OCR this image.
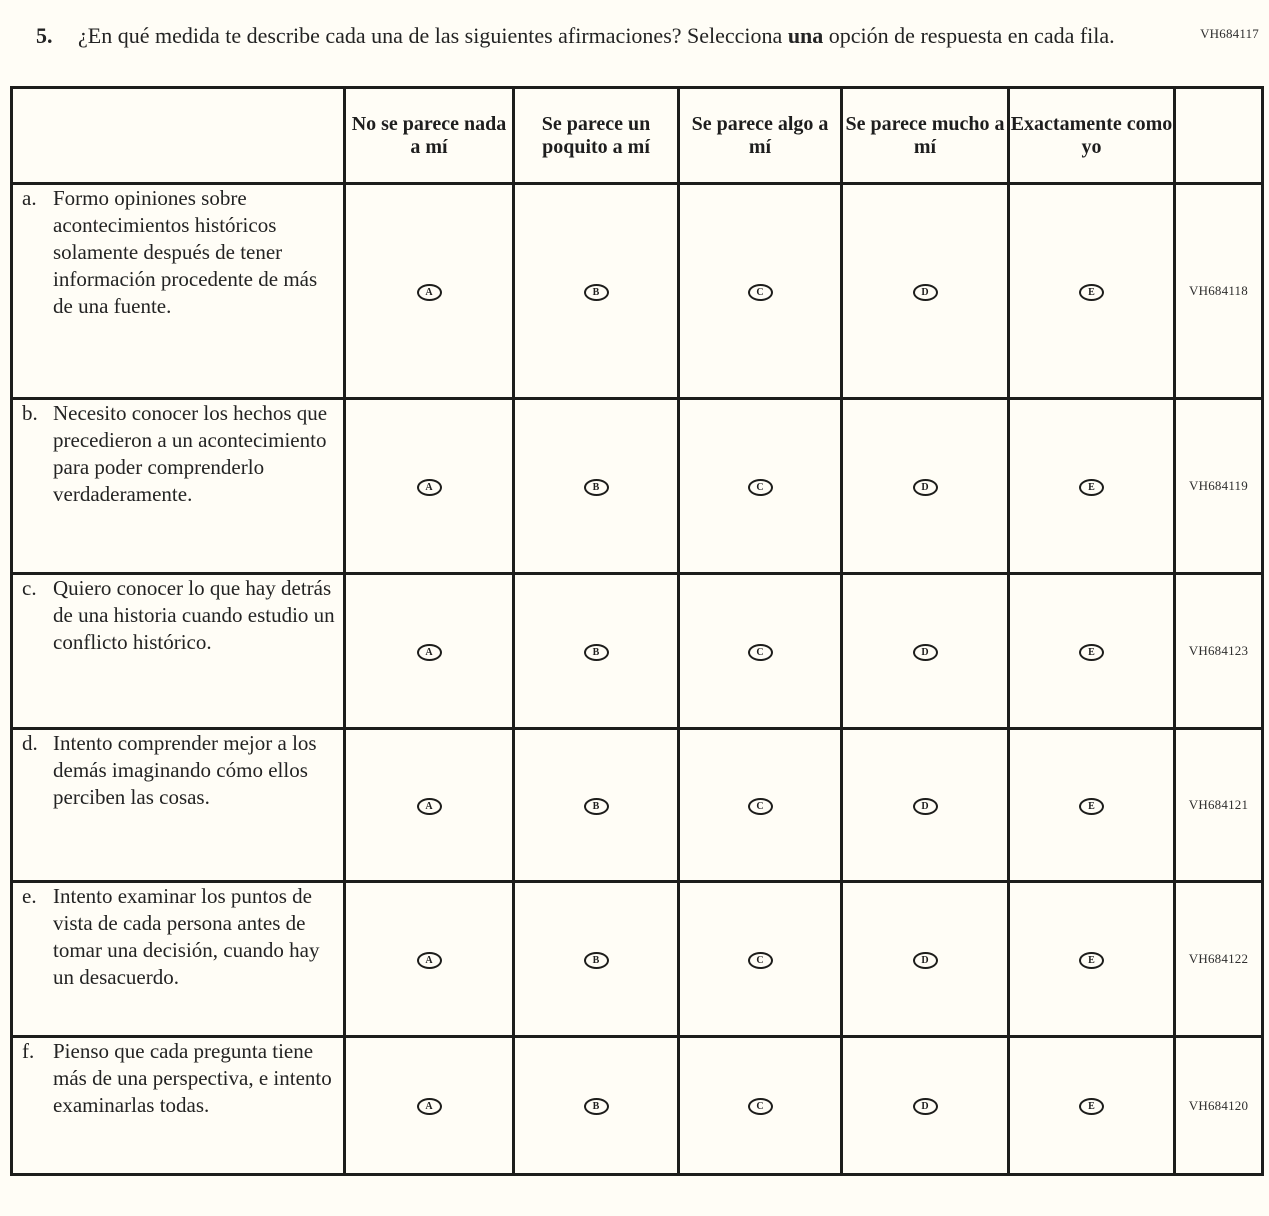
VH684117
5.	¿En qué medida te describe cada una de las siguientes afirmaciones? Selecciona una opción de respuesta en cada fila.
	No se parece nada a mí	Se parece un poquito a mí	Se parece algo a mí	Se parece mucho a mí	Exactamente como yo	

a. Formo opiniones sobre acontecimientos históricos solamente después de tener información procedente de más de una fuente.	A	B	C	D	E	VH684118

b. Necesito conocer los hechos que precedieron a un acontecimiento para poder comprenderlo verdaderamente.	A	B	C	D	E	VH684119

c. Quiero conocer lo que hay detrás de una historia cuando estudio un conflicto histórico.	A	B	C	D	E	VH684123

d. Intento comprender mejor a los demás imaginando cómo ellos perciben las cosas.	A	B	C	D	E	VH684121

e. Intento examinar los puntos de vista de cada persona antes de tomar una decisión, cuando hay un desacuerdo.	A	B	C	D	E	VH684122

f. Pienso que cada pregunta tiene más de una perspectiva, e intento examinarlas todas.	A	B	C	D	E	VH684120
